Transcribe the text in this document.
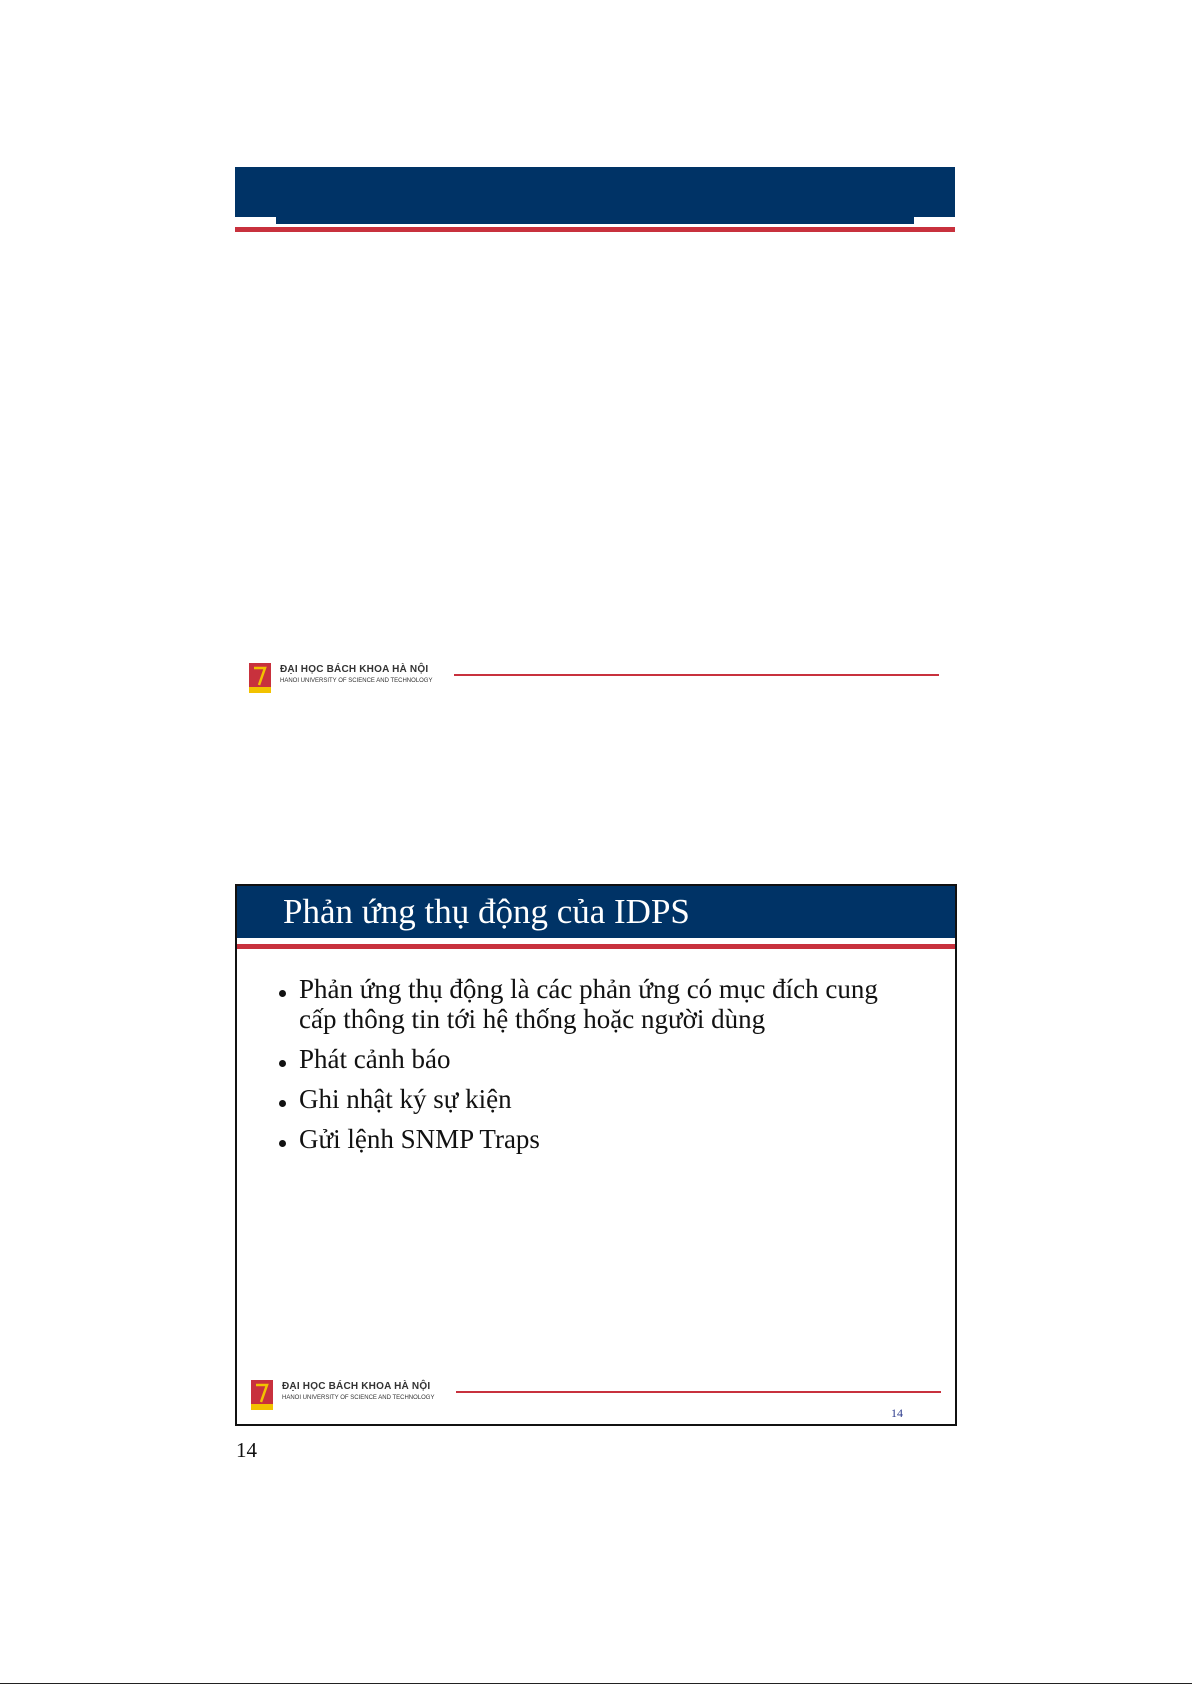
ĐẠI HỌC BÁCH KHOA HÀ NỘI
HANOI UNIVERSITY OF SCIENCE AND TECHNOLOGY
Phản ứng thụ động của IDPS
Phản ứng thụ động là các phản ứng có mục đích cung cấp thông tin tới hệ thống hoặc người dùng
Phát cảnh báo
Ghi nhật ký sự kiện
Gửi lệnh SNMP Traps
ĐẠI HỌC BÁCH KHOA HÀ NỘI
HANOI UNIVERSITY OF SCIENCE AND TECHNOLOGY
14
14
